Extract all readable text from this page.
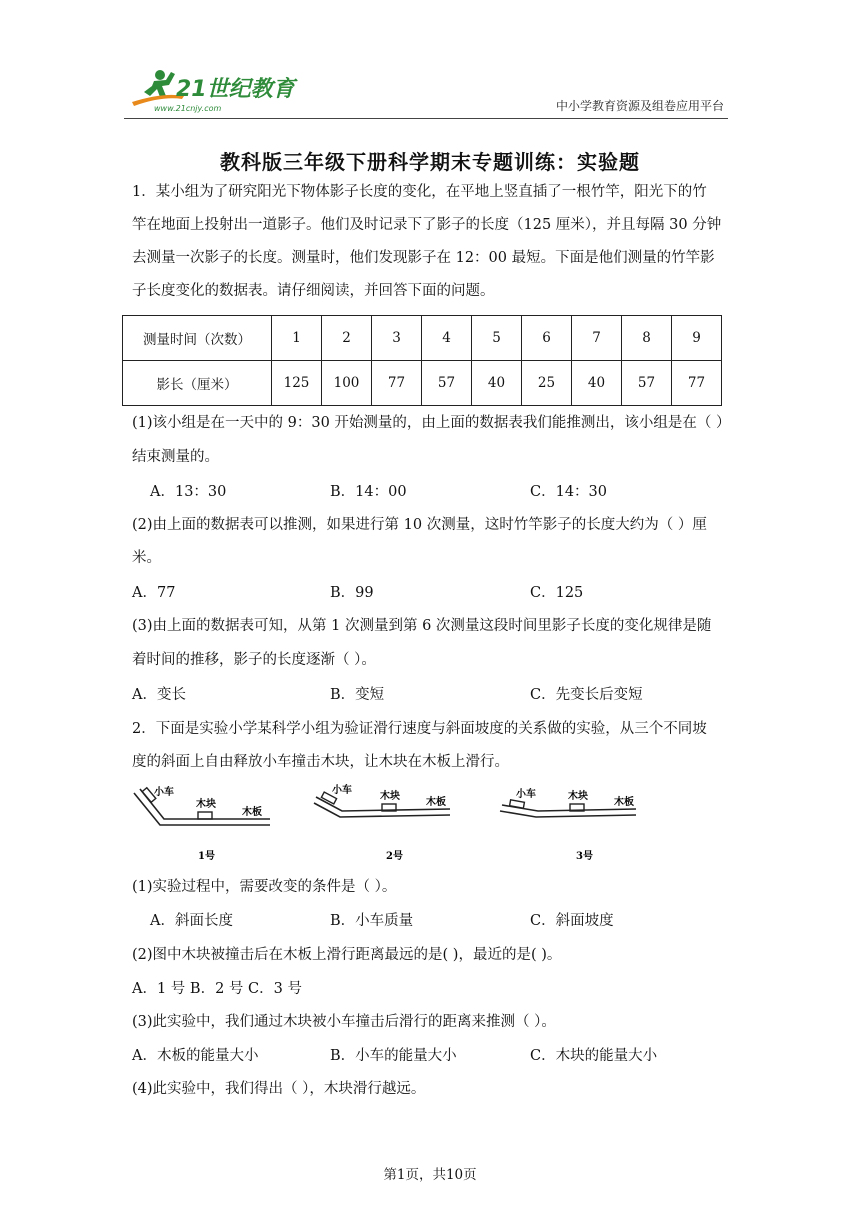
21世纪教育
www.21cnjy.com	中小学教育资源及组卷应用平台
教科版三年级下册科学期末专题训练：实验题
1．某小组为了研究阳光下物体影子长度的变化，在平地上竖直插了一根竹竿，阳光下的竹
竿在地面上投射出一道影子。他们及时记录下了影子的长度（125 厘米），并且每隔 30 分钟
去测量一次影子的长度。测量时，他们发现影子在 12：00 最短。下面是他们测量的竹竿影
子长度变化的数据表。请仔细阅读，并回答下面的问题。
测量时间（次数）	1	2	3	4	5	6	7	8	9
影长（厘米）	125	100	77	57	40	25	40	57	77
(1)该小组是在一天中的 9：30 开始测量的，由上面的数据表我们能推测出，该小组是在（ ）
结束测量的。
A．13：30	B．14：00	C．14：30
(2)由上面的数据表可以推测，如果进行第 10 次测量，这时竹竿影子的长度大约为（ ）厘
米。
A．77	B．99	C．125
(3)由上面的数据表可知，从第 1 次测量到第 6 次测量这段时间里影子长度的变化规律是随
着时间的推移，影子的长度逐渐（ ）。
A．变长	B．变短	C．先变长后变短
2．下面是实验小学某科学小组为验证滑行速度与斜面坡度的关系做的实验，从三个不同坡
度的斜面上自由释放小车撞击木块，让木块在木板上滑行。
小车
木块
木板
1号
小车
木块
木板
2号
小车	木块
木板
3号
(1)实验过程中，需要改变的条件是（ ）。
A．斜面长度	B．小车质量	C．斜面坡度
(2)图中木块被撞击后在木板上滑行距离最远的是( )，最近的是( )。
A．1 号 B．2 号 C．3 号
(3)此实验中，我们通过木块被小车撞击后滑行的距离来推测（ ）。
A．木板的能量大小	B．小车的能量大小	C．木块的能量大小
(4)此实验中，我们得出（ ），木块滑行越远。
第1页，共10页
